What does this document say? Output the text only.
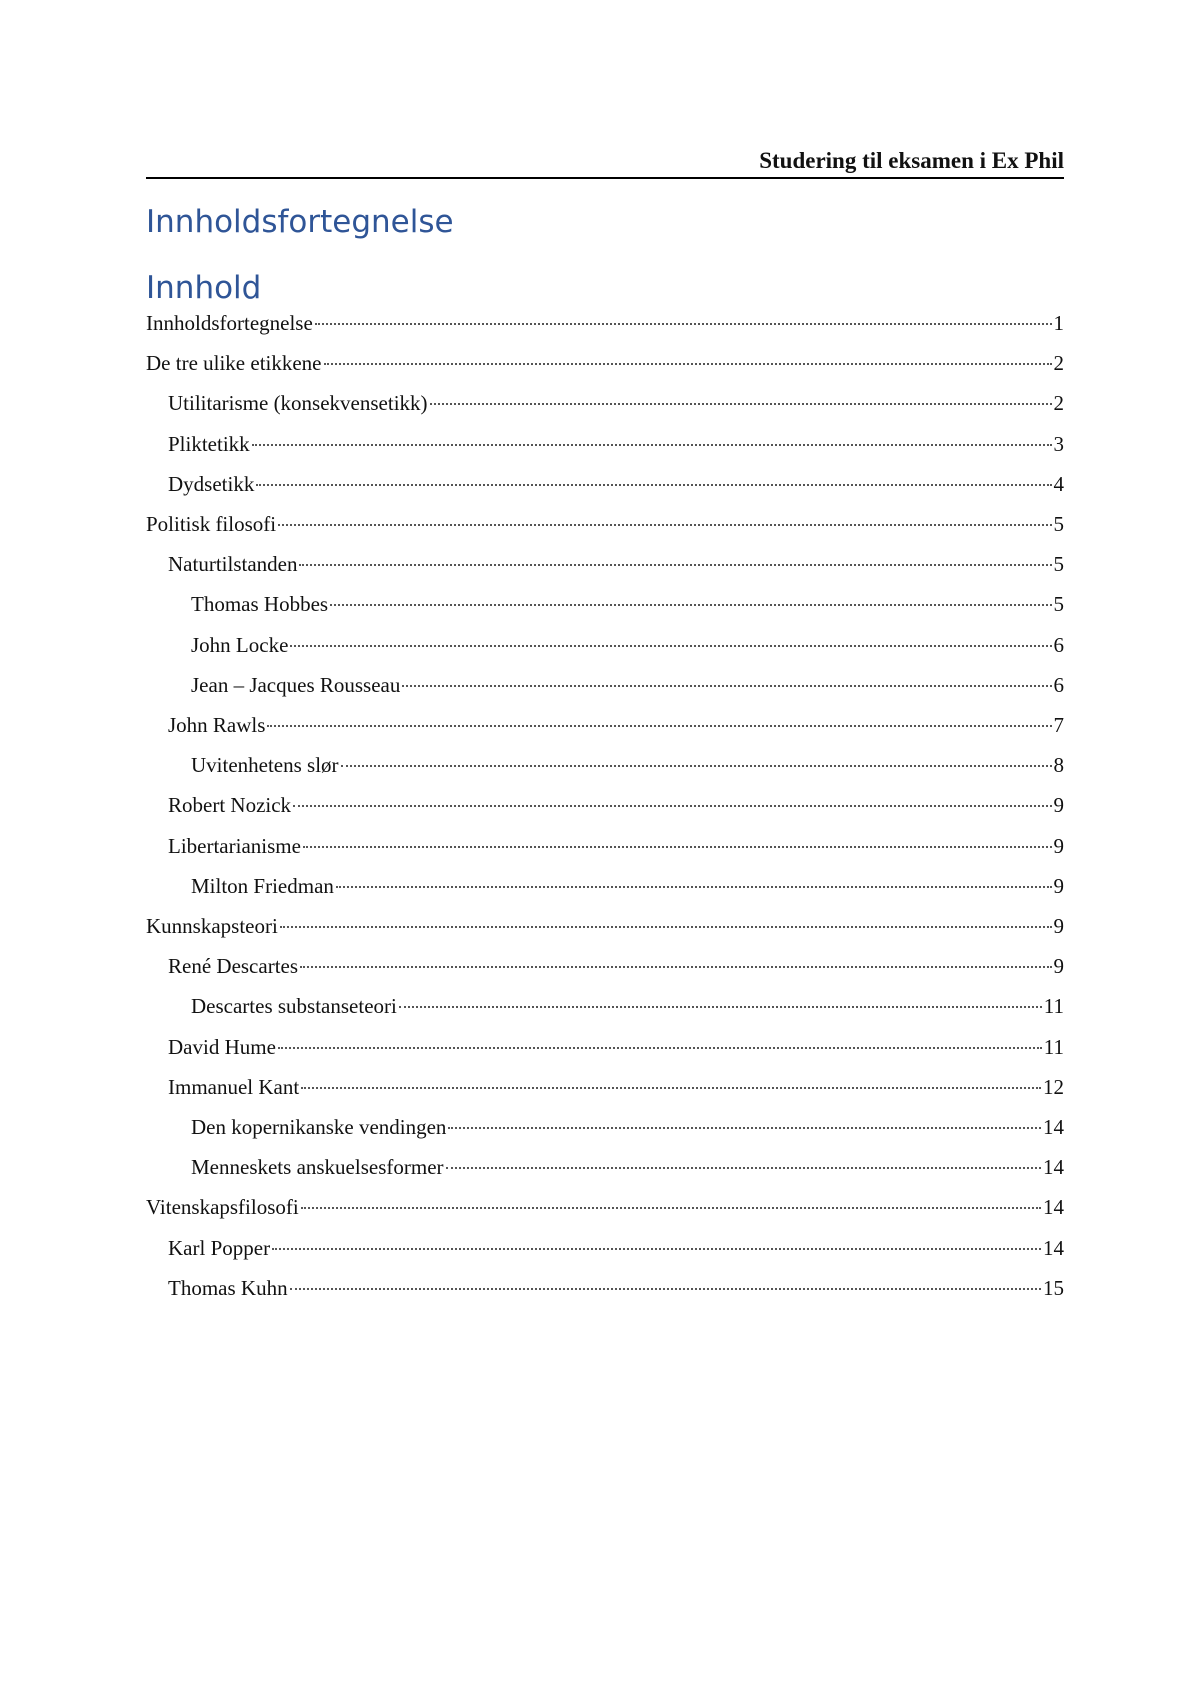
Studering til eksamen i Ex Phil
Innholdsfortegnelse
Innhold
Innholdsfortegnelse	1
De tre ulike etikkene	2
Utilitarisme (konsekvensetikk)	2
Pliktetikk	3
Dydsetikk	4
Politisk filosofi	5
Naturtilstanden	5
Thomas Hobbes	5
John Locke	6
Jean – Jacques Rousseau	6
John Rawls	7
Uvitenhetens slør	8
Robert Nozick	9
Libertarianisme	9
Milton Friedman	9
Kunnskapsteori	9
René Descartes	9
Descartes substanseteori	11
David Hume	11
Immanuel Kant	12
Den kopernikanske vendingen	14
Menneskets anskuelsesformer	14
Vitenskapsfilosofi	14
Karl Popper	14
Thomas Kuhn	15
